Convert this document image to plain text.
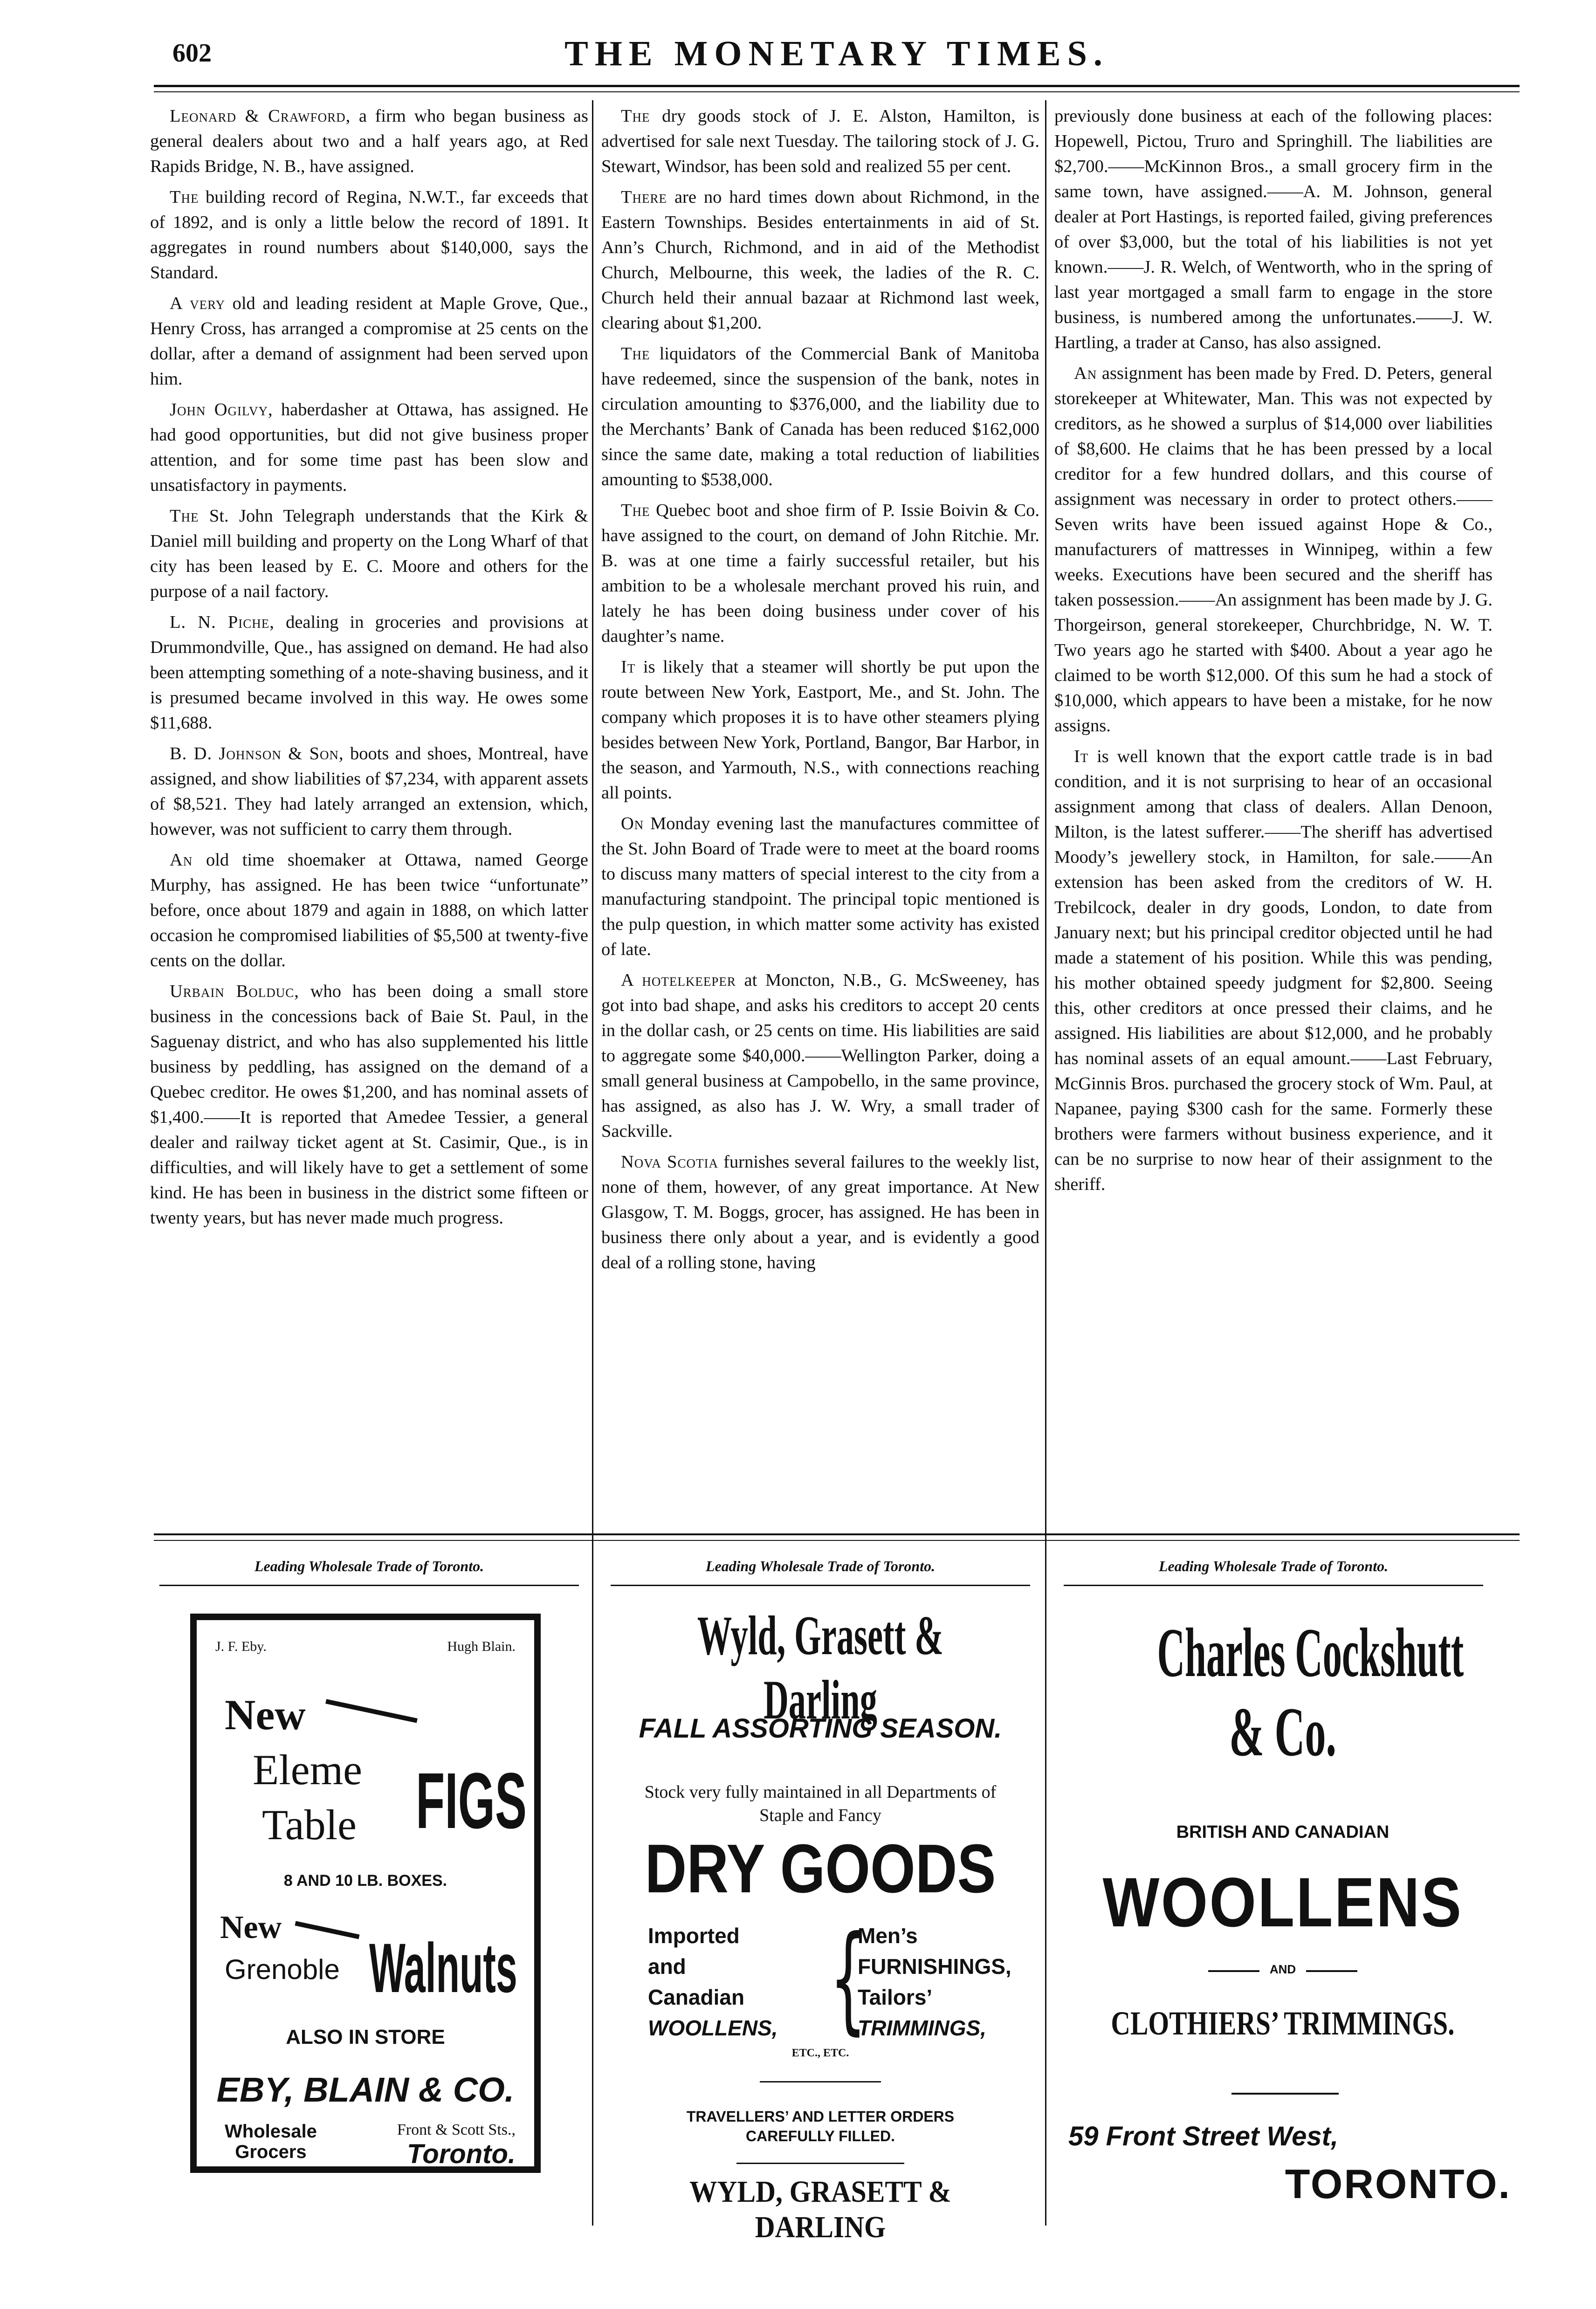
602	THE MONETARY TIMES.

Leonard & Crawford, a firm who began business as general dealers about two and a half years ago, at Red Rapids Bridge, N. B., have assigned.

The building record of Regina, N.W.T., far exceeds that of 1892, and is only a little below the record of 1891. It aggregates in round numbers about $140,000, says the Standard.

A very old and leading resident at Maple Grove, Que., Henry Cross, has arranged a compromise at 25 cents on the dollar, after a demand of assignment had been served upon him.

John Ogilvy, haberdasher at Ottawa, has assigned. He had good opportunities, but did not give business proper attention, and for some time past has been slow and unsatisfactory in payments.

The St. John Telegraph understands that the Kirk & Daniel mill building and property on the Long Wharf of that city has been leased by E. C. Moore and others for the purpose of a nail factory.

L. N. Piche, dealing in groceries and provisions at Drummondville, Que., has assigned on demand. He had also been attempting something of a note-shaving business, and it is presumed became involved in this way. He owes some $11,688.

B. D. Johnson & Son, boots and shoes, Montreal, have assigned, and show liabilities of $7,234, with apparent assets of $8,521. They had lately arranged an extension, which, however, was not sufficient to carry them through.

An old time shoemaker at Ottawa, named George Murphy, has assigned. He has been twice “unfortunate” before, once about 1879 and again in 1888, on which latter occasion he compromised liabilities of $5,500 at twenty-five cents on the dollar.

Urbain Bolduc, who has been doing a small store business in the concessions back of Baie St. Paul, in the Saguenay district, and who has also supplemented his little business by peddling, has assigned on the demand of a Quebec creditor. He owes $1,200, and has nominal assets of $1,400.——It is reported that Amedee Tessier, a general dealer and railway ticket agent at St. Casimir, Que., is in difficulties, and will likely have to get a settlement of some kind. He has been in business in the district some fifteen or twenty years, but has never made much progress.

The dry goods stock of J. E. Alston, Hamilton, is advertised for sale next Tuesday. The tailoring stock of J. G. Stewart, Windsor, has been sold and realized 55 per cent.

There are no hard times down about Richmond, in the Eastern Townships. Besides entertainments in aid of St. Ann’s Church, Richmond, and in aid of the Methodist Church, Melbourne, this week, the ladies of the R. C. Church held their annual bazaar at Richmond last week, clearing about $1,200.

The liquidators of the Commercial Bank of Manitoba have redeemed, since the suspension of the bank, notes in circulation amounting to $376,000, and the liability due to the Merchants’ Bank of Canada has been reduced $162,000 since the same date, making a total reduction of liabilities amounting to $538,000.

The Quebec boot and shoe firm of P. Issie Boivin & Co. have assigned to the court, on demand of John Ritchie. Mr. B. was at one time a fairly successful retailer, but his ambition to be a wholesale merchant proved his ruin, and lately he has been doing business under cover of his daughter’s name.

It is likely that a steamer will shortly be put upon the route between New York, Eastport, Me., and St. John. The company which proposes it is to have other steamers plying besides between New York, Portland, Bangor, Bar Harbor, in the season, and Yarmouth, N.S., with connections reaching all points.

On Monday evening last the manufactures committee of the St. John Board of Trade were to meet at the board rooms to discuss many matters of special interest to the city from a manufacturing standpoint. The principal topic mentioned is the pulp question, in which matter some activity has existed of late.

A hotelkeeper at Moncton, N.B., G. McSweeney, has got into bad shape, and asks his creditors to accept 20 cents in the dollar cash, or 25 cents on time. His liabilities are said to aggregate some $40,000.——Wellington Parker, doing a small general business at Campobello, in the same province, has assigned, as also has J. W. Wry, a small trader of Sackville.

Nova Scotia furnishes several failures to the weekly list, none of them, however, of any great importance. At New Glasgow, T. M. Boggs, grocer, has assigned. He has been in business there only about a year, and is evidently a good deal of a rolling stone, having

previously done business at each of the following places: Hopewell, Pictou, Truro and Springhill. The liabilities are $2,700.——McKinnon Bros., a small grocery firm in the same town, have assigned.——A. M. Johnson, general dealer at Port Hastings, is reported failed, giving preferences of over $3,000, but the total of his liabilities is not yet known.——J. R. Welch, of Wentworth, who in the spring of last year mortgaged a small farm to engage in the store business, is numbered among the unfortunates.——J. W. Hartling, a trader at Canso, has also assigned.

An assignment has been made by Fred. D. Peters, general storekeeper at Whitewater, Man. This was not expected by creditors, as he showed a surplus of $14,000 over liabilities of $8,600. He claims that he has been pressed by a local creditor for a few hundred dollars, and this course of assignment was necessary in order to protect others.——Seven writs have been issued against Hope & Co., manufacturers of mattresses in Winnipeg, within a few weeks. Executions have been secured and the sheriff has taken possession.——An assignment has been made by J. G. Thorgeirson, general storekeeper, Churchbridge, N. W. T. Two years ago he started with $400. About a year ago he claimed to be worth $12,000. Of this sum he had a stock of $10,000, which appears to have been a mistake, for he now assigns.

It is well known that the export cattle trade is in bad condition, and it is not surprising to hear of an occasional assignment among that class of dealers. Allan Denoon, Milton, is the latest sufferer.——The sheriff has advertised Moody’s jewellery stock, in Hamilton, for sale.——An extension has been asked from the creditors of W. H. Trebilcock, dealer in dry goods, London, to date from January next; but his principal creditor objected until he had made a statement of his position. While this was pending, his mother obtained speedy judgment for $2,800. Seeing this, other creditors at once pressed their claims, and he assigned. His liabilities are about $12,000, and he probably has nominal assets of an equal amount.——Last February, McGinnis Bros. purchased the grocery stock of Wm. Paul, at Napanee, paying $300 cash for the same. Formerly these brothers were farmers without business experience, and it can be no surprise to now hear of their assignment to the sheriff.

Leading Wholesale Trade of Toronto.	Leading Wholesale Trade of Toronto.	Leading Wholesale Trade of Toronto.
J. F. Eby.	Hugh Blain.
New
Eleme
Table FIGS
8 AND 10 LB. BOXES.
New
Grenoble Walnuts
ALSO IN STORE
EBY, BLAIN & CO.
Wholesale
Grocers
Front & Scott Sts.,
Toronto.
Wyld, Grasett & Darling
FALL ASSORTING SEASON.
Stock very fully maintained in all Departments of Staple and Fancy
DRY GOODS
Imported
and
Canadian
WOOLLENS, {
Men’s
FURNISHINGS,
Tailors’
TRIMMINGS,
ETC., ETC.
TRAVELLERS’ AND LETTER ORDERS
CAREFULLY FILLED.
WYLD, GRASETT & DARLING
Charles Cockshutt
& Co.
BRITISH AND CANADIAN
WOOLLENS
AND
CLOTHIERS’ TRIMMINGS.
59 Front Street West,
TORONTO.
